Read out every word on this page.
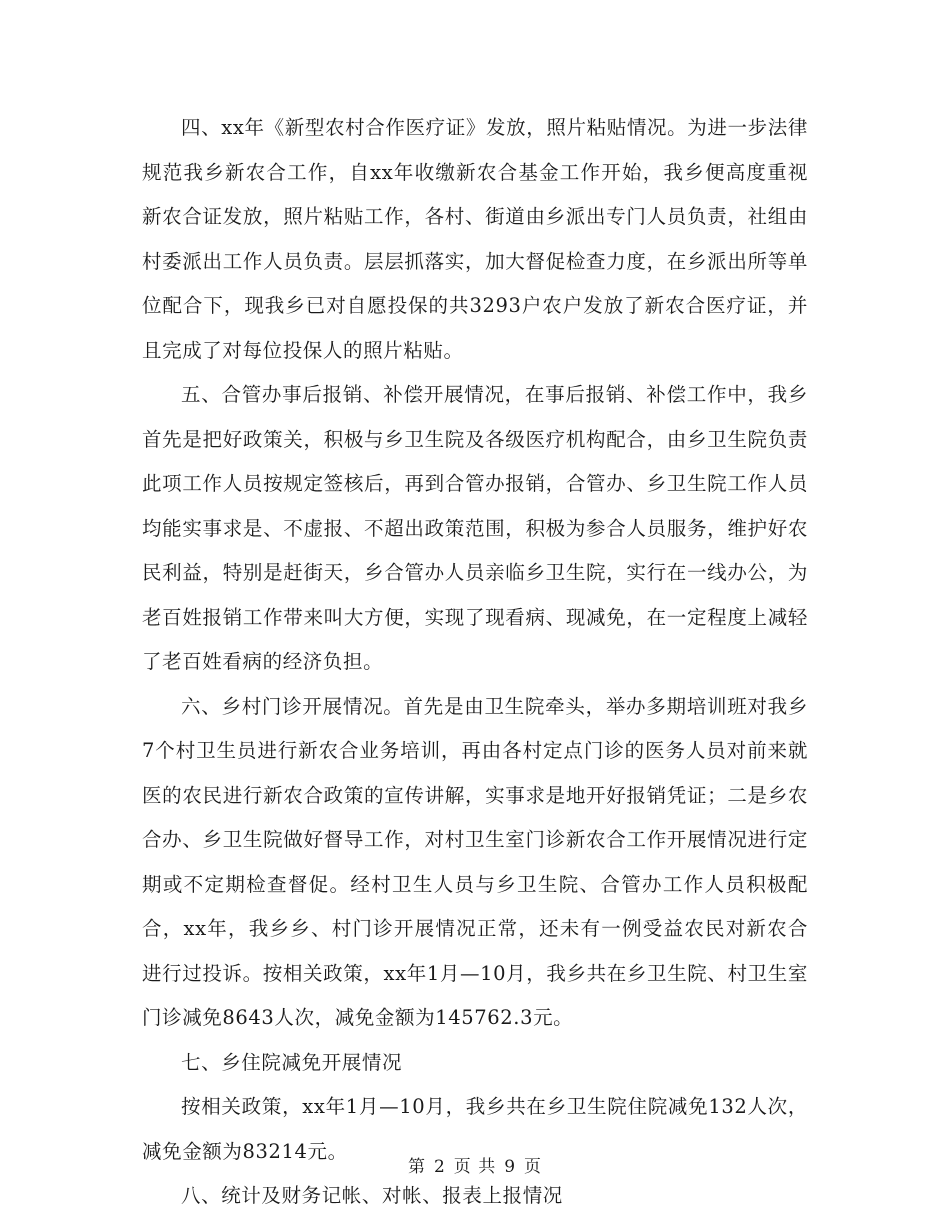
四、xx年《新型农村合作医疗证》发放，照片粘贴情况。为进一步法律规范我乡新农合工作，自xx年收缴新农合基金工作开始，我乡便高度重视新农合证发放，照片粘贴工作，各村、街道由乡派出专门人员负责，社组由村委派出工作人员负责。层层抓落实，加大督促检查力度，在乡派出所等单位配合下，现我乡已对自愿投保的共3293户农户发放了新农合医疗证，并且完成了对每位投保人的照片粘贴。

五、合管办事后报销、补偿开展情况，在事后报销、补偿工作中，我乡首先是把好政策关，积极与乡卫生院及各级医疗机构配合，由乡卫生院负责此项工作人员按规定签核后，再到合管办报销，合管办、乡卫生院工作人员均能实事求是、不虚报、不超出政策范围，积极为参合人员服务，维护好农民利益，特别是赶街天，乡合管办人员亲临乡卫生院，实行在一线办公，为老百姓报销工作带来叫大方便，实现了现看病、现减免，在一定程度上减轻了老百姓看病的经济负担。

六、乡村门诊开展情况。首先是由卫生院牵头，举办多期培训班对我乡7个村卫生员进行新农合业务培训，再由各村定点门诊的医务人员对前来就医的农民进行新农合政策的宣传讲解，实事求是地开好报销凭证；二是乡农合办、乡卫生院做好督导工作，对村卫生室门诊新农合工作开展情况进行定期或不定期检查督促。经村卫生人员与乡卫生院、合管办工作人员积极配合，xx年，我乡乡、村门诊开展情况正常，还未有一例受益农民对新农合进行过投诉。按相关政策，xx年1月—10月，我乡共在乡卫生院、村卫生室门诊减免8643人次，减免金额为145762.3元。

七、乡住院减免开展情况

按相关政策，xx年1月—10月，我乡共在乡卫生院住院减免132人次，减免金额为83214元。

八、统计及财务记帐、对帐、报表上报情况

第 2 页 共 9 页
